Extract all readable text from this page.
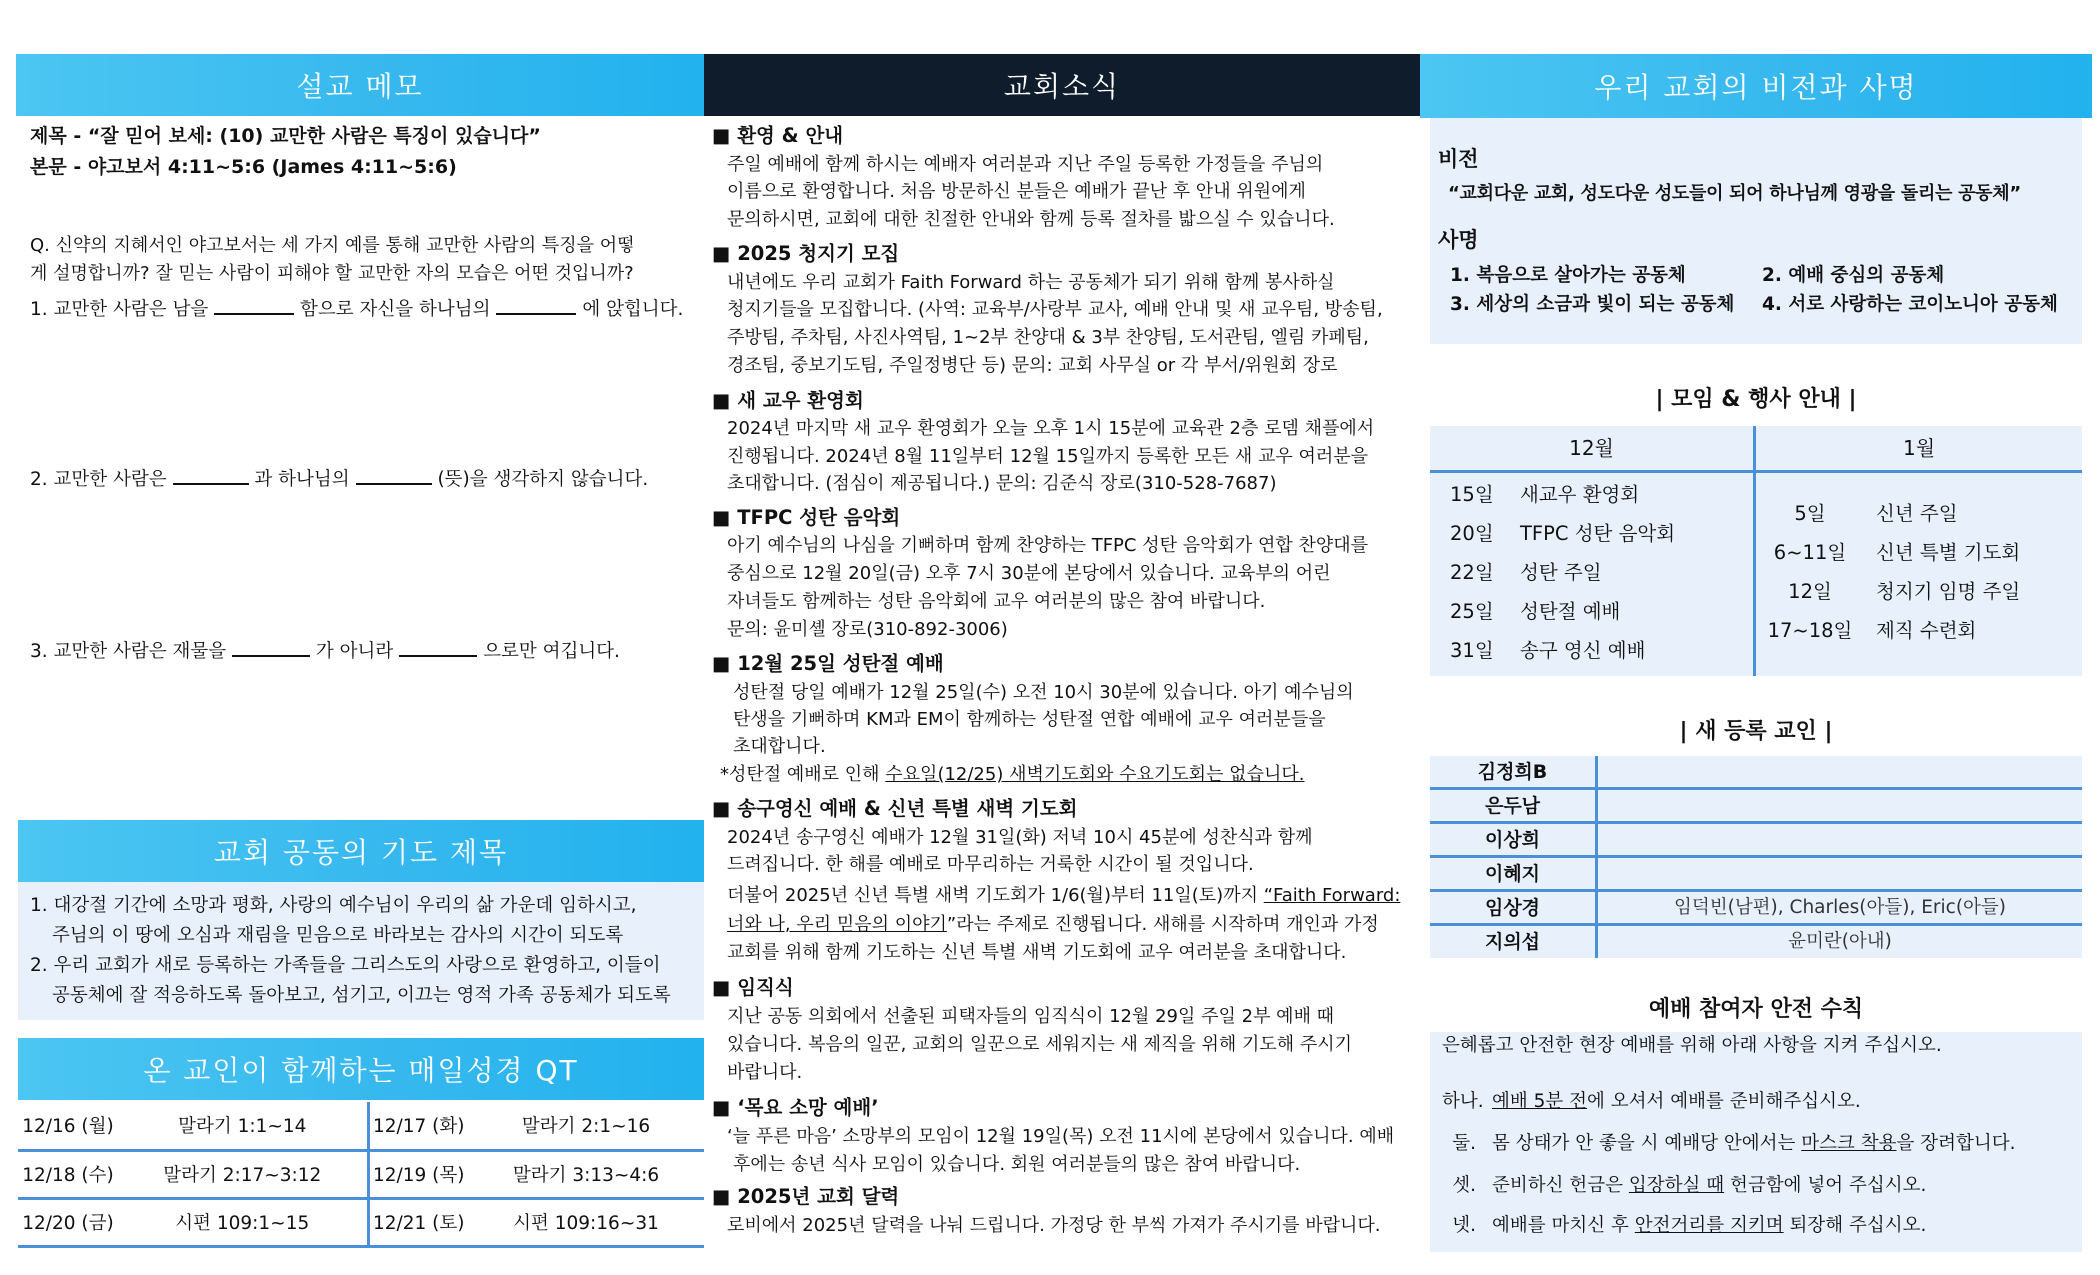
설교 메모
제목 - “잘 믿어 보세: (10) 교만한 사람은 특징이 있습니다”
본문 - 야고보서 4:11~5:6 (James 4:11~5:6)
Q. 신약의 지혜서인 야고보서는 세 가지 예를 통해 교만한 사람의 특징을 어떻
게 설명합니까? 잘 믿는 사람이 피해야 할 교만한 자의 모습은 어떤 것입니까?
1. 교만한 사람은 남을	함으로 자신을 하나님의	에 앉힙니다.
2. 교만한 사람은	과 하나님의	(뜻)을 생각하지 않습니다.
3. 교만한 사람은 재물을	가 아니라	으로만 여깁니다.
교회 공동의 기도 제목
1. 대강절 기간에 소망과 평화, 사랑의 예수님이 우리의 삶 가운데 임하시고,
주님의 이 땅에 오심과 재림을 믿음으로 바라보는 감사의 시간이 되도록
2. 우리 교회가 새로 등록하는 가족들을 그리스도의 사랑으로 환영하고, 이들이
공동체에 잘 적응하도록 돌아보고, 섬기고, 이끄는 영적 가족 공동체가 되도록
온 교인이 함께하는 매일성경 QT
12/16 (월)	말라기 1:1~14	12/17 (화)	말라기 2:1~16
12/18 (수)	말라기 2:17~3:12	12/19 (목)	말라기 3:13~4:6
12/20 (금)	시편 109:1~15	12/21 (토)	시편 109:16~31
교회소식
■ 환영 & 안내
주일 예배에 함께 하시는 예배자 여러분과 지난 주일 등록한 가정들을 주님의
이름으로 환영합니다. 처음 방문하신 분들은 예배가 끝난 후 안내 위원에게
문의하시면, 교회에 대한 친절한 안내와 함께 등록 절차를 밟으실 수 있습니다.
■ 2025 청지기 모집
내년에도 우리 교회가 Faith Forward 하는 공동체가 되기 위해 함께 봉사하실
청지기들을 모집합니다. (사역: 교육부/사랑부 교사, 예배 안내 및 새 교우팀, 방송팀,
주방팀, 주차팀, 사진사역팀, 1~2부 찬양대 & 3부 찬양팀, 도서관팀, 엘림 카페팀,
경조팀, 중보기도팀, 주일정병단 등) 문의: 교회 사무실 or 각 부서/위원회 장로
■ 새 교우 환영회
2024년 마지막 새 교우 환영회가 오늘 오후 1시 15분에 교육관 2층 로뎀 채플에서
진행됩니다. 2024년 8월 11일부터 12월 15일까지 등록한 모든 새 교우 여러분을
초대합니다. (점심이 제공됩니다.) 문의: 김준식 장로(310-528-7687)
■ TFPC 성탄 음악회
아기 예수님의 나심을 기뻐하며 함께 찬양하는 TFPC 성탄 음악회가 연합 찬양대를
중심으로 12월 20일(금) 오후 7시 30분에 본당에서 있습니다. 교육부의 어린
자녀들도 함께하는 성탄 음악회에 교우 여러분의 많은 참여 바랍니다.
문의: 윤미셸 장로(310-892-3006)
■ 12월 25일 성탄절 예배
성탄절 당일 예배가 12월 25일(수) 오전 10시 30분에 있습니다. 아기 예수님의
탄생을 기뻐하며 KM과 EM이 함께하는 성탄절 연합 예배에 교우 여러분들을
초대합니다.
*성탄절 예배로 인해 수요일(12/25) 새벽기도회와 수요기도회는 없습니다.
■ 송구영신 예배 & 신년 특별 새벽 기도회
2024년 송구영신 예배가 12월 31일(화) 저녁 10시 45분에 성찬식과 함께
드려집니다. 한 해를 예배로 마무리하는 거룩한 시간이 될 것입니다.
더불어 2025년 신년 특별 새벽 기도회가 1/6(월)부터 11일(토)까지 “Faith Forward:
너와 나, 우리 믿음의 이야기”라는 주제로 진행됩니다. 새해를 시작하며 개인과 가정
교회를 위해 함께 기도하는 신년 특별 새벽 기도회에 교우 여러분을 초대합니다.
■ 임직식
지난 공동 의회에서 선출된 피택자들의 임직식이 12월 29일 주일 2부 예배 때
있습니다. 복음의 일꾼, 교회의 일꾼으로 세워지는 새 제직을 위해 기도해 주시기
바랍니다.
■ ‘목요 소망 예배’
‘늘 푸른 마음’ 소망부의 모임이 12월 19일(목) 오전 11시에 본당에서 있습니다. 예배
후에는 송년 식사 모임이 있습니다. 회원 여러분들의 많은 참여 바랍니다.
■ 2025년 교회 달력
로비에서 2025년 달력을 나눠 드립니다. 가정당 한 부씩 가져가 주시기를 바랍니다.
우리 교회의 비전과 사명
비전
“교회다운 교회, 성도다운 성도들이 되어 하나님께 영광을 돌리는 공동체”
사명
1. 복음으로 살아가는 공동체	2. 예배 중심의 공동체
3. 세상의 소금과 빛이 되는 공동체 4. 서로 사랑하는 코이노니아 공동체
| 모임 & 행사 안내 |
12월	1월
15일 새교우 환영회
20일 TFPC 성탄 음악회
22일 성탄 주일
25일 성탄절 예배
31일 송구 영신 예배
5일	신년 주일
6~11일	신년 특별 기도회
12일	청지기 임명 주일
17~18일 제직 수련회
| 새 등록 교인 |
김정희B
은두남
이상희
이혜지
임상경	임덕빈(남편), Charles(아들), Eric(아들)
지의섭	윤미란(아내)
예배 참여자 안전 수칙
은혜롭고 안전한 현장 예배를 위해 아래 사항을 지켜 주십시오.
하나. 예배 5분 전에 오셔서 예배를 준비해주십시오.
둘. 몸 상태가 안 좋을 시 예배당 안에서는 마스크 착용을 장려합니다.
셋. 준비하신 헌금은 입장하실 때 헌금함에 넣어 주십시오.
넷. 예배를 마치신 후 안전거리를 지키며 퇴장해 주십시오.
